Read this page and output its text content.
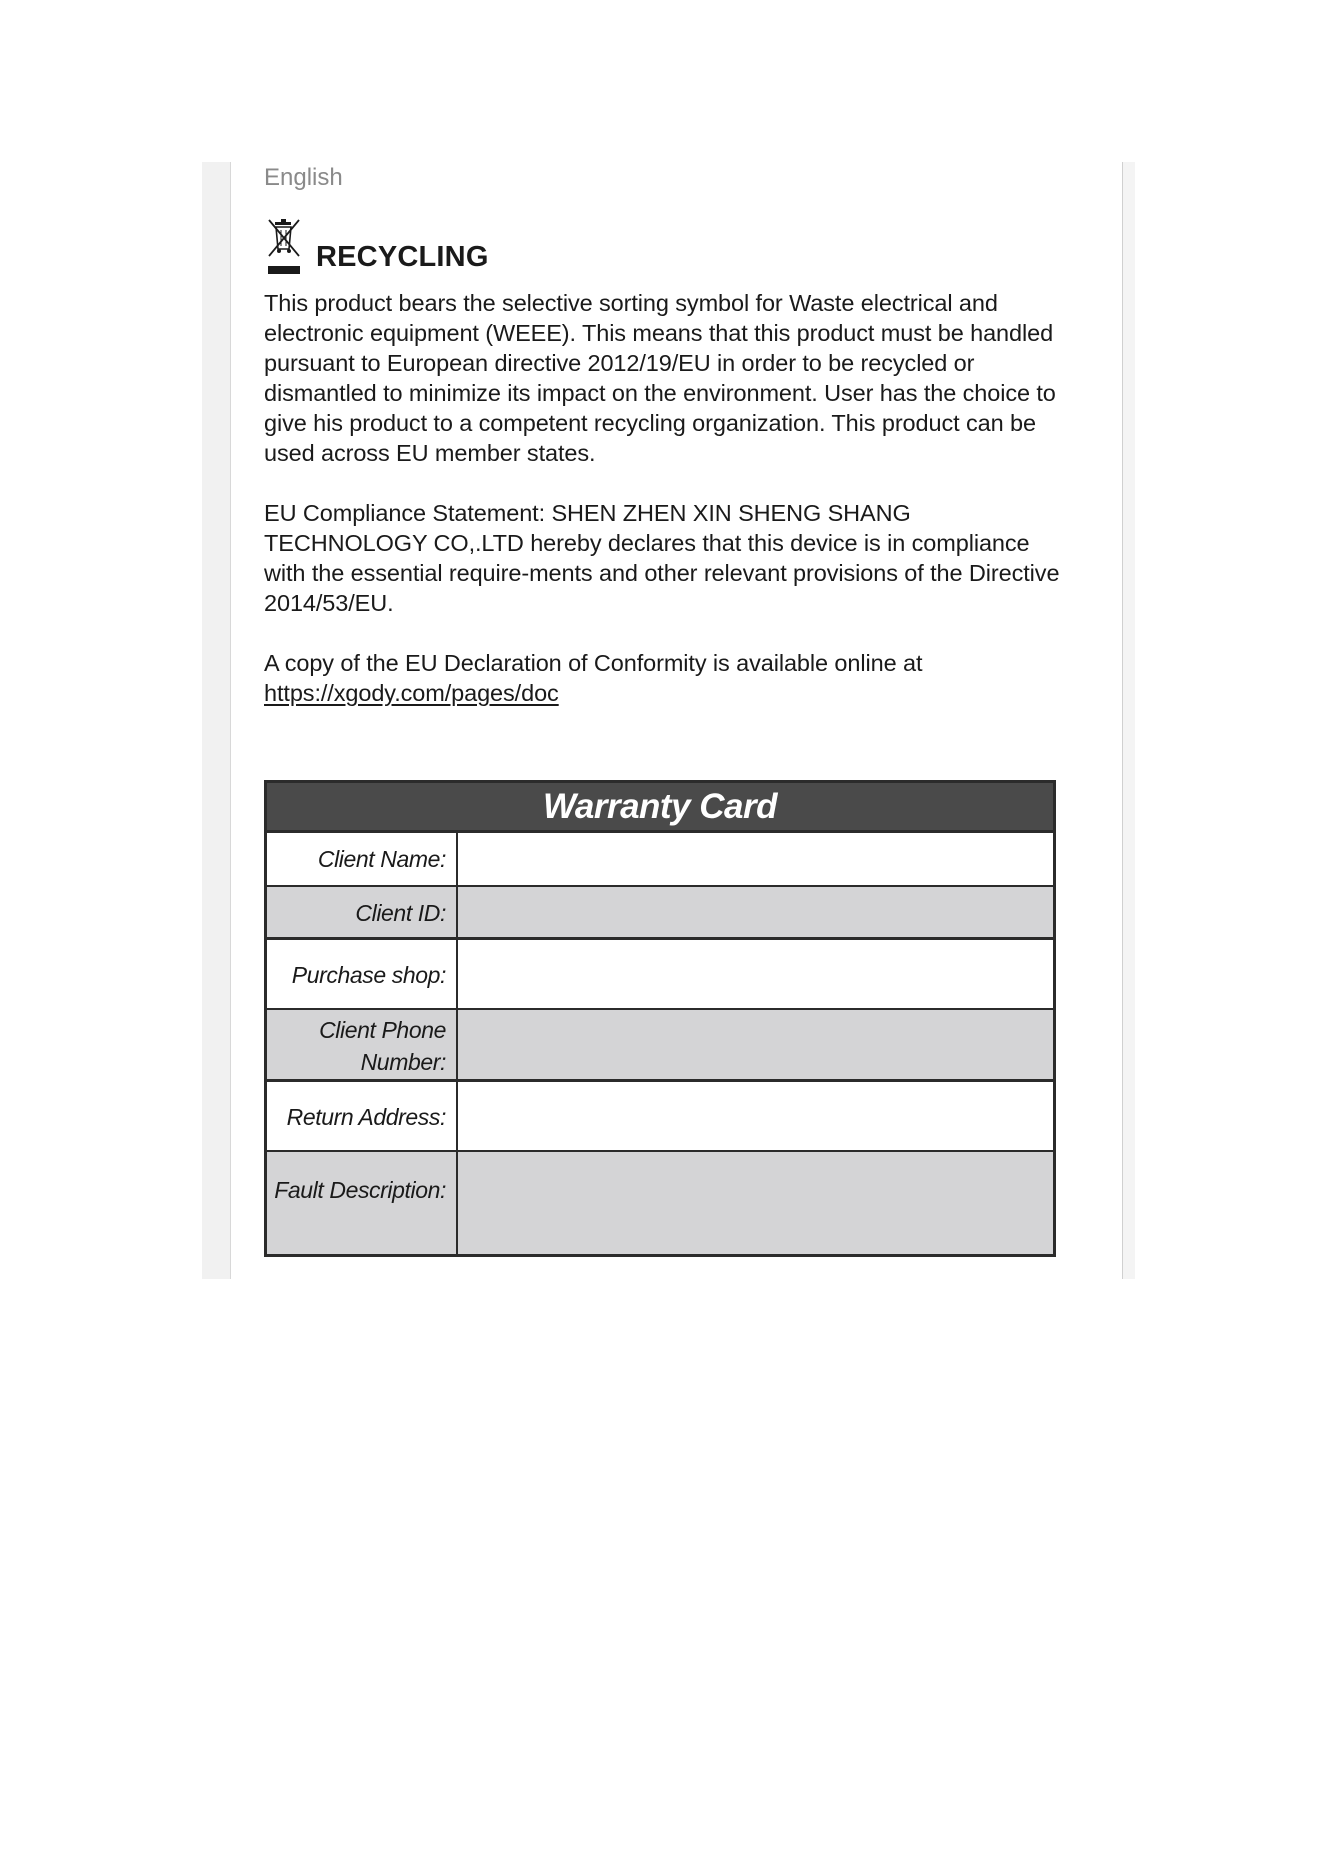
English

RECYCLING

This product bears the selective sorting symbol for Waste electrical and electronic equipment (WEEE). This means that this product must be handled pursuant to European directive 2012/19/EU in order to be recycled or dismantled to minimize its impact on the environment. User has the choice to give his product to a competent recycling organization. This product can be used across EU member states.

EU Compliance Statement: SHEN ZHEN XIN SHENG SHANG TECHNOLOGY CO,.LTD hereby declares that this device is in compliance with the essential require-ments and other relevant provisions of the Directive 2014/53/EU.

A copy of the EU Declaration of Conformity is available online at
https://xgody.com/pages/doc

Warranty Card
Client Name:
Client ID:
Purchase shop:
Client Phone
Number:
Return Address:
Fault Description:
